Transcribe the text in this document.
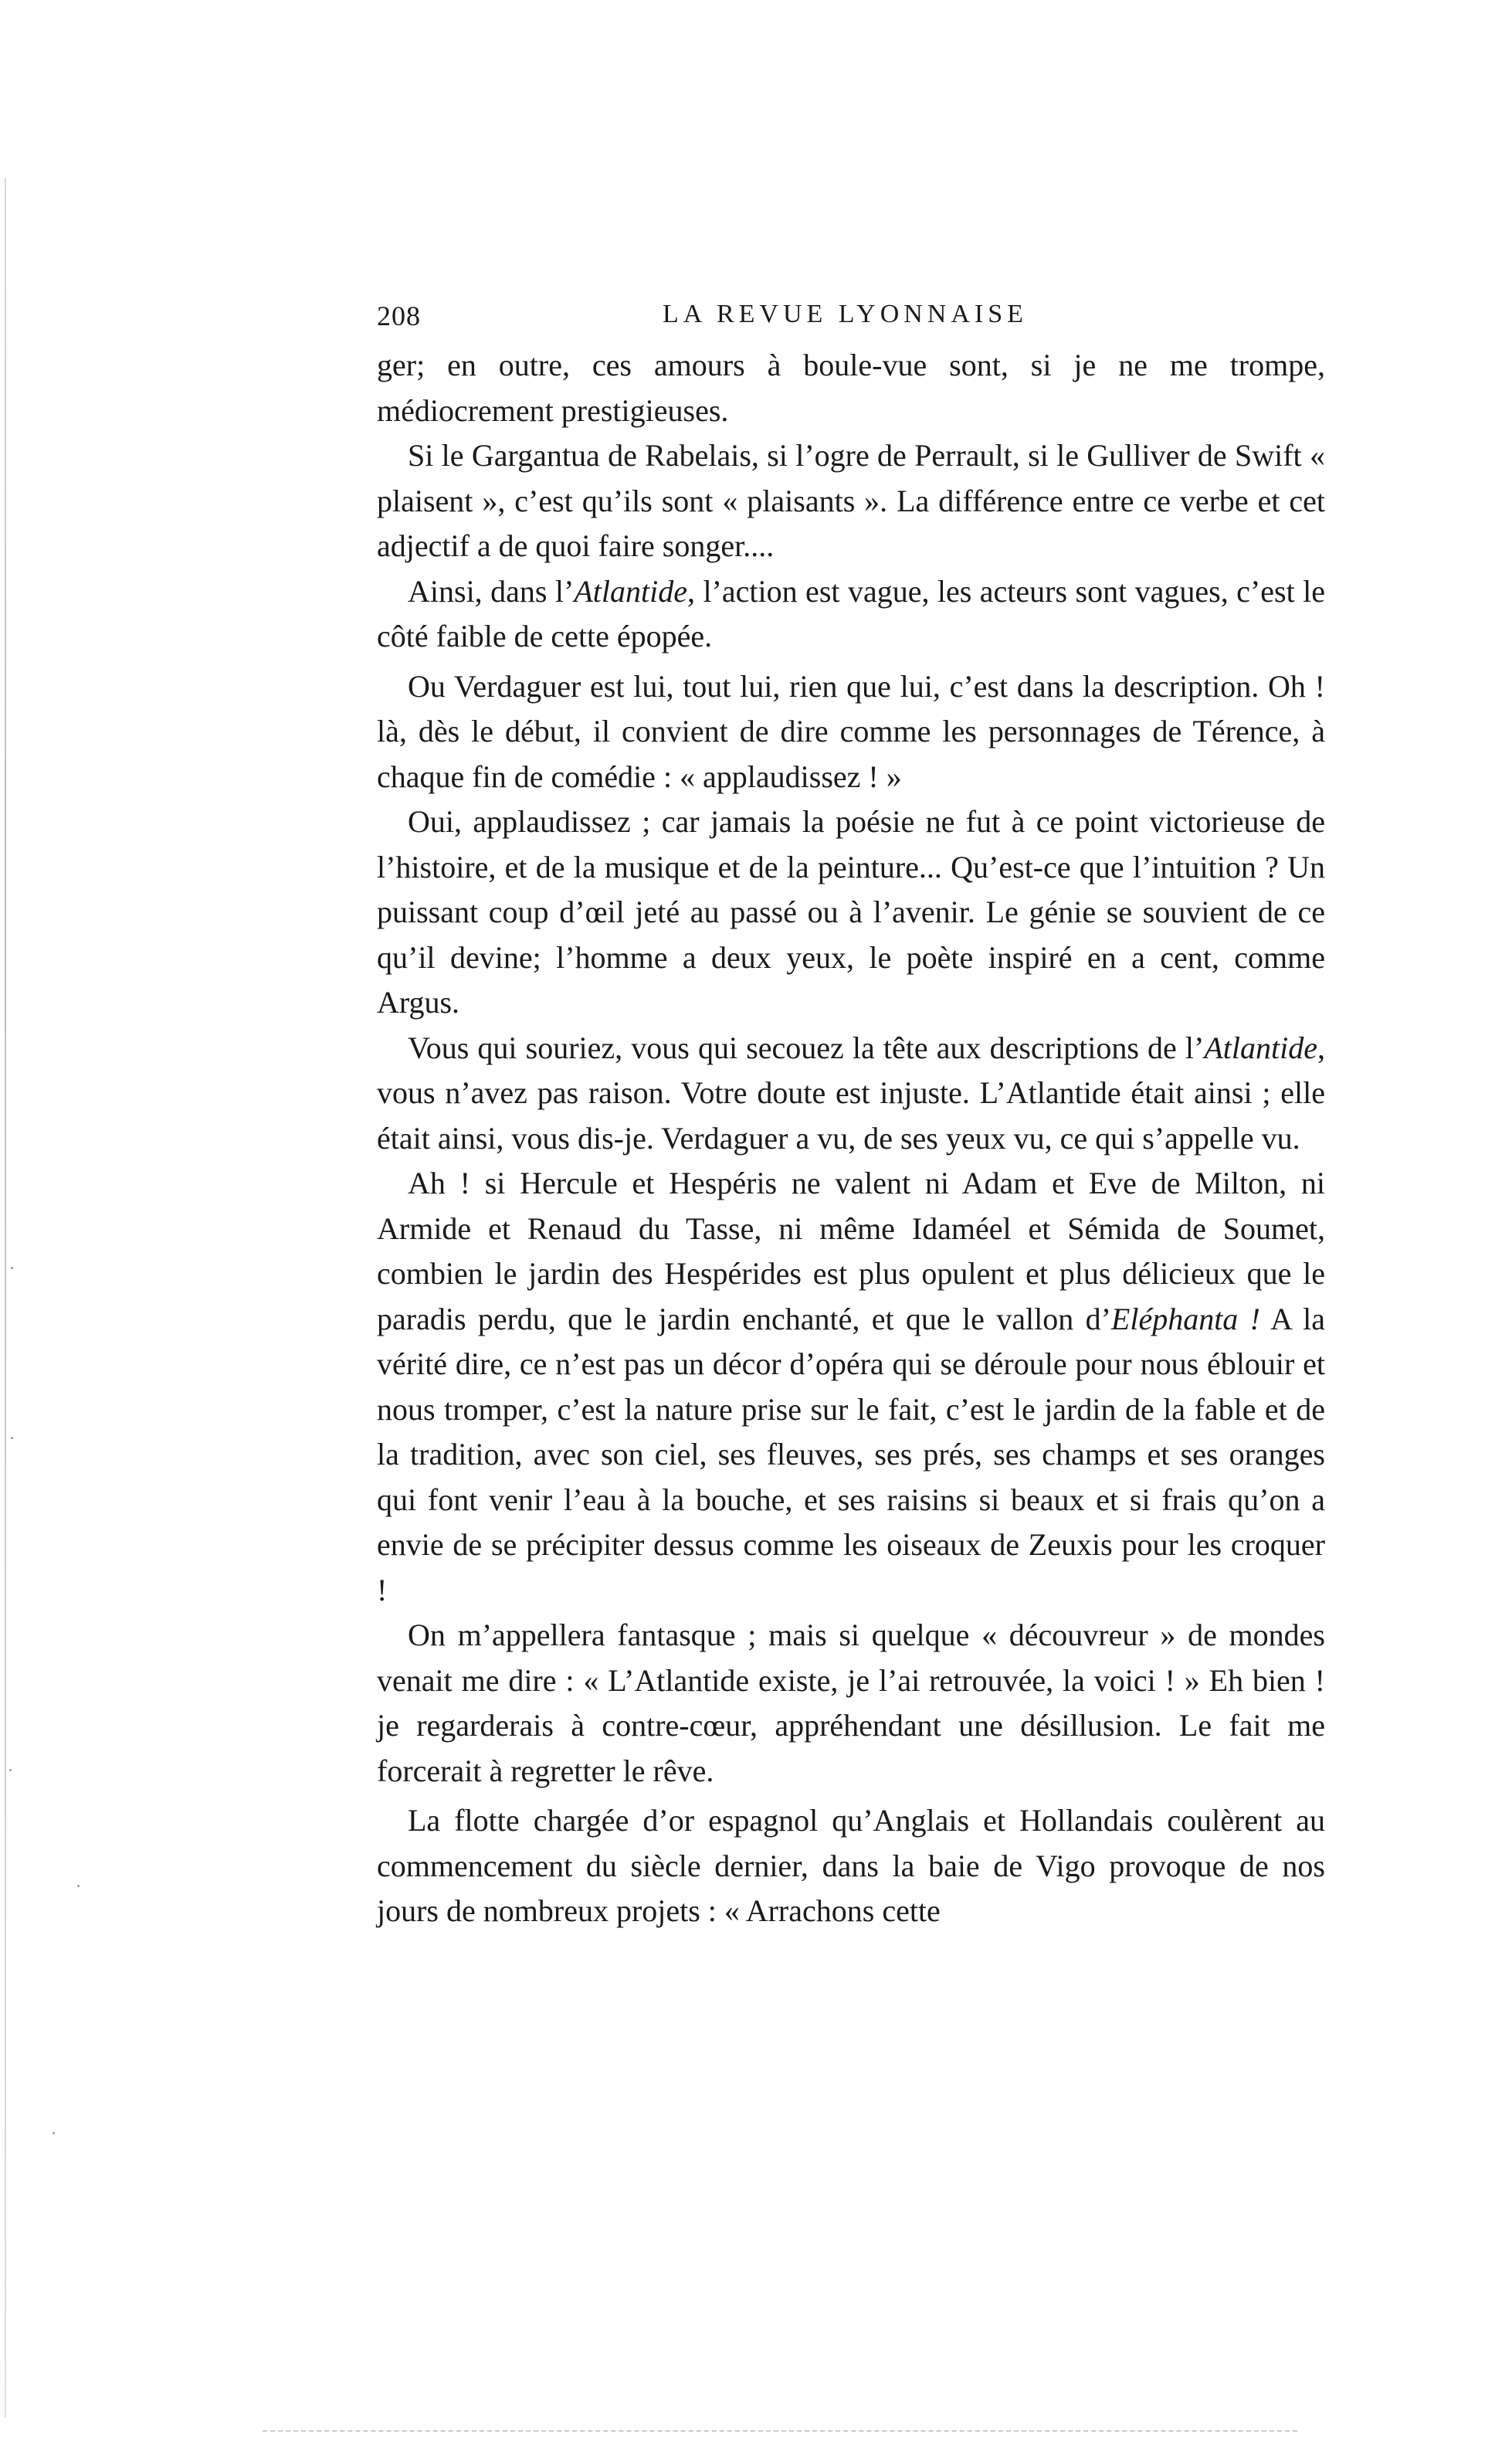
208	LA REVUE LYONNAISE

ger; en outre, ces amours à boule-vue sont, si je ne me trompe, médiocrement prestigieuses.

Si le Gargantua de Rabelais, si l’ogre de Perrault, si le Gulliver de Swift « plaisent », c’est qu’ils sont « plaisants ». La différence entre ce verbe et cet adjectif a de quoi faire songer....

Ainsi, dans l’Atlantide, l’action est vague, les acteurs sont vagues, c’est le côté faible de cette épopée.

Ou Verdaguer est lui, tout lui, rien que lui, c’est dans la description. Oh ! là, dès le début, il convient de dire comme les personnages de Térence, à chaque fin de comédie : « applaudissez ! »

Oui, applaudissez ; car jamais la poésie ne fut à ce point victorieuse de l’histoire, et de la musique et de la peinture... Qu’est-ce que l’intuition ? Un puissant coup d’œil jeté au passé ou à l’avenir. Le génie se souvient de ce qu’il devine; l’homme a deux yeux, le poète inspiré en a cent, comme Argus.

Vous qui souriez, vous qui secouez la tête aux descriptions de l’Atlantide, vous n’avez pas raison. Votre doute est injuste. L’Atlantide était ainsi ; elle était ainsi, vous dis-je. Verdaguer a vu, de ses yeux vu, ce qui s’appelle vu.

Ah ! si Hercule et Hespéris ne valent ni Adam et Eve de Milton, ni Armide et Renaud du Tasse, ni même Idaméel et Sémida de Soumet, combien le jardin des Hespérides est plus opulent et plus délicieux que le paradis perdu, que le jardin enchanté, et que le vallon d’Eléphanta ! A la vérité dire, ce n’est pas un décor d’opéra qui se déroule pour nous éblouir et nous tromper, c’est la nature prise sur le fait, c’est le jardin de la fable et de la tradition, avec son ciel, ses fleuves, ses prés, ses champs et ses oranges qui font venir l’eau à la bouche, et ses raisins si beaux et si frais qu’on a envie de se précipiter dessus comme les oiseaux de Zeuxis pour les croquer !

On m’appellera fantasque ; mais si quelque « découvreur » de mondes venait me dire : « L’Atlantide existe, je l’ai retrouvée, la voici ! » Eh bien ! je regarderais à contre-cœur, appréhendant une désillusion. Le fait me forcerait à regretter le rêve.

La flotte chargée d’or espagnol qu’Anglais et Hollandais coulèrent au commencement du siècle dernier, dans la baie de Vigo provoque de nos jours de nombreux projets : « Arrachons cette
